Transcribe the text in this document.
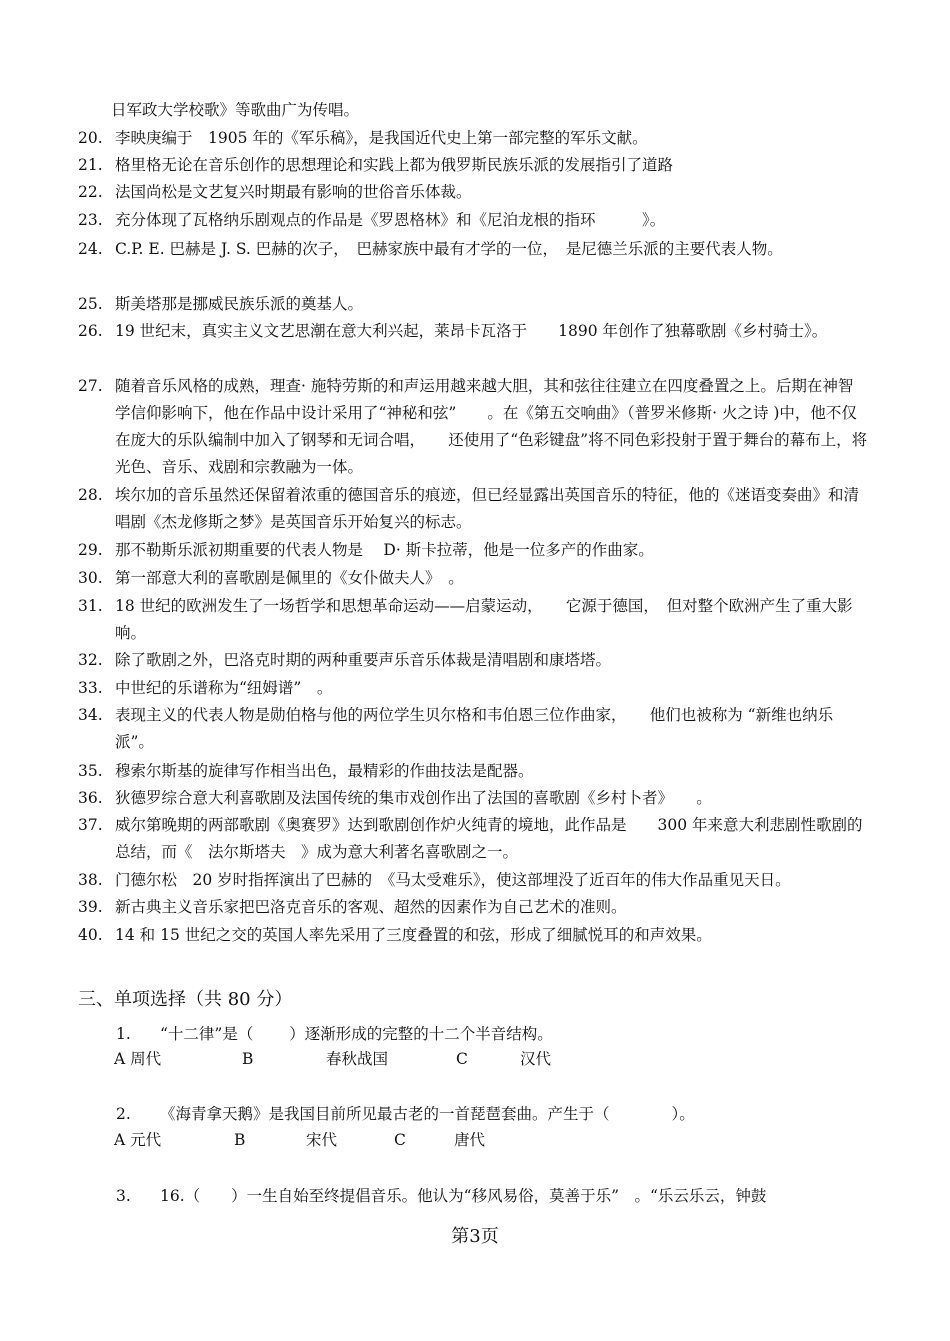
日军政大学校歌》等歌曲广为传唱。
20. 李映庚编于　1905 年的《军乐稿》，是我国近代史上第一部完整的军乐文献。
21. 格里格无论在音乐创作的思想理论和实践上都为俄罗斯民族乐派的发展指引了道路
22. 法国尚松是文艺复兴时期最有影响的世俗音乐体裁。
23. 充分体现了瓦格纳乐剧观点的作品是《罗恩格林》和《尼泊龙根的指环　　　》。
24. C.P. E. 巴赫是 J. S. 巴赫的次子，　巴赫家族中最有才学的一位，　是尼德兰乐派的主要代表人物。
25. 斯美塔那是挪威民族乐派的奠基人。
26. 19 世纪末，真实主义文艺思潮在意大利兴起，莱昂卡瓦洛于　　1890 年创作了独幕歌剧《乡村骑士》。
27. 随着音乐风格的成熟，理查· 施特劳斯的和声运用越来越大胆，其和弦往往建立在四度叠置之上。后期在神智学信仰影响下，他在作品中设计采用了“神秘和弦”　　。在《第五交响曲》（普罗米修斯· 火之诗 )中，他不仅在庞大的乐队编制中加入了钢琴和无词合唱，　　还使用了“色彩键盘”将不同色彩投射于置于舞台的幕布上，将光色、音乐、戏剧和宗教融为一体。
28. 埃尔加的音乐虽然还保留着浓重的德国音乐的痕迹，但已经显露出英国音乐的特征，他的《迷语变奏曲》和清唱剧《杰龙修斯之梦》是英国音乐开始复兴的标志。
29. 那不勒斯乐派初期重要的代表人物是　 D· 斯卡拉蒂，他是一位多产的作曲家。
30. 第一部意大利的喜歌剧是佩里的《女仆做夫人》　。
31. 18 世纪的欧洲发生了一场哲学和思想革命运动——启蒙运动，　　它源于德国，　但对整个欧洲产生了重大影响。
32. 除了歌剧之外，巴洛克时期的两种重要声乐音乐体裁是清唱剧和康塔塔。
33. 中世纪的乐谱称为“纽姆谱”　。
34. 表现主义的代表人物是勋伯格与他的两位学生贝尔格和韦伯恩三位作曲家，　　他们也被称为 “新维也纳乐派”。
35. 穆索尔斯基的旋律写作相当出色，最精彩的作曲技法是配器。
36. 狄德罗综合意大利喜歌剧及法国传统的集市戏创作出了法国的喜歌剧《乡村卜者》　　。
37. 威尔第晚期的两部歌剧《奥赛罗》达到歌剧创作炉火纯青的境地，此作品是　　300 年来意大利悲剧性歌剧的总结，而《　法尔斯塔夫　》成为意大利著名喜歌剧之一。
38. 门德尔松　20 岁时指挥演出了巴赫的　《马太受难乐》，使这部埋没了近百年的伟大作品重见天日。
39. 新古典主义音乐家把巴洛克音乐的客观、超然的因素作为自己艺术的准则。
40. 14 和 15 世纪之交的英国人率先采用了三度叠置的和弦，形成了细腻悦耳的和声效果。
三、单项选择（共 80 分）
1. “十二律”是（　　 ）逐渐形成的完整的十二个半音结构。
A 周代	B	春秋战国	C	汉代
2. 《海青拿天鹅》是我国目前所见最古老的一首琵琶套曲。产生于（　　　　）。
A 元代	B	宋代	C	唐代
3. 16.（　　）一生自始至终提倡音乐。他认为“移风易俗，莫善于乐”　。“乐云乐云，钟鼓
第3页
